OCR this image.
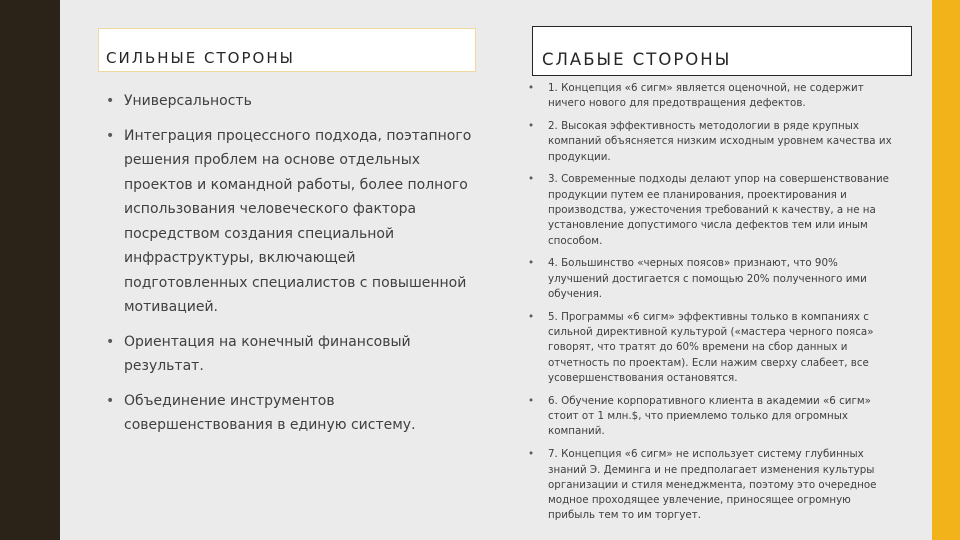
СИЛЬНЫЕ СТОРОНЫ	СЛАБЫЕ СТОРОНЫ
• Универсальность
• Интеграция процессного подхода, поэтапного решения проблем на основе отдельных проектов и командной работы, более полного использования человеческого фактора посредством создания специальной инфраструктуры, включающей подготовленных специалистов с повышенной мотивацией.
• Ориентация на конечный финансовый результат.
• Объединение инструментов совершенствования в единую систему.
• 1. Концепция «6 сигм» является оценочной, не содержит ничего нового для предотвращения дефектов.
• 2. Высокая эффективность методологии в ряде крупных компаний объясняется низким исходным уровнем качества их продукции.
• 3. Современные подходы делают упор на совершенствование продукции путем ее планирования, проектирования и производства, ужесточения требований к качеству, а не на установление допустимого числа дефектов тем или иным способом.
• 4. Большинство «черных поясов» признают, что 90% улучшений достигается с помощью 20% полученного ими обучения.
• 5. Программы «6 сигм» эффективны только в компаниях с сильной директивной культурой («мастера черного пояса» говорят, что тратят до 60% времени на сбор данных и отчетность по проектам). Если нажим сверху слабеет, все усовершенствования остановятся.
• 6. Обучение корпоративного клиента в академии «6 сигм» стоит от 1 млн.$, что приемлемо только для огромных компаний.
• 7. Концепция «6 сигм» не использует систему глубинных знаний Э. Деминга и не предполагает изменения культуры организации и стиля менеджмента, поэтому это очередное модное проходящее увлечение, приносящее огромную прибыль тем то им торгует.
